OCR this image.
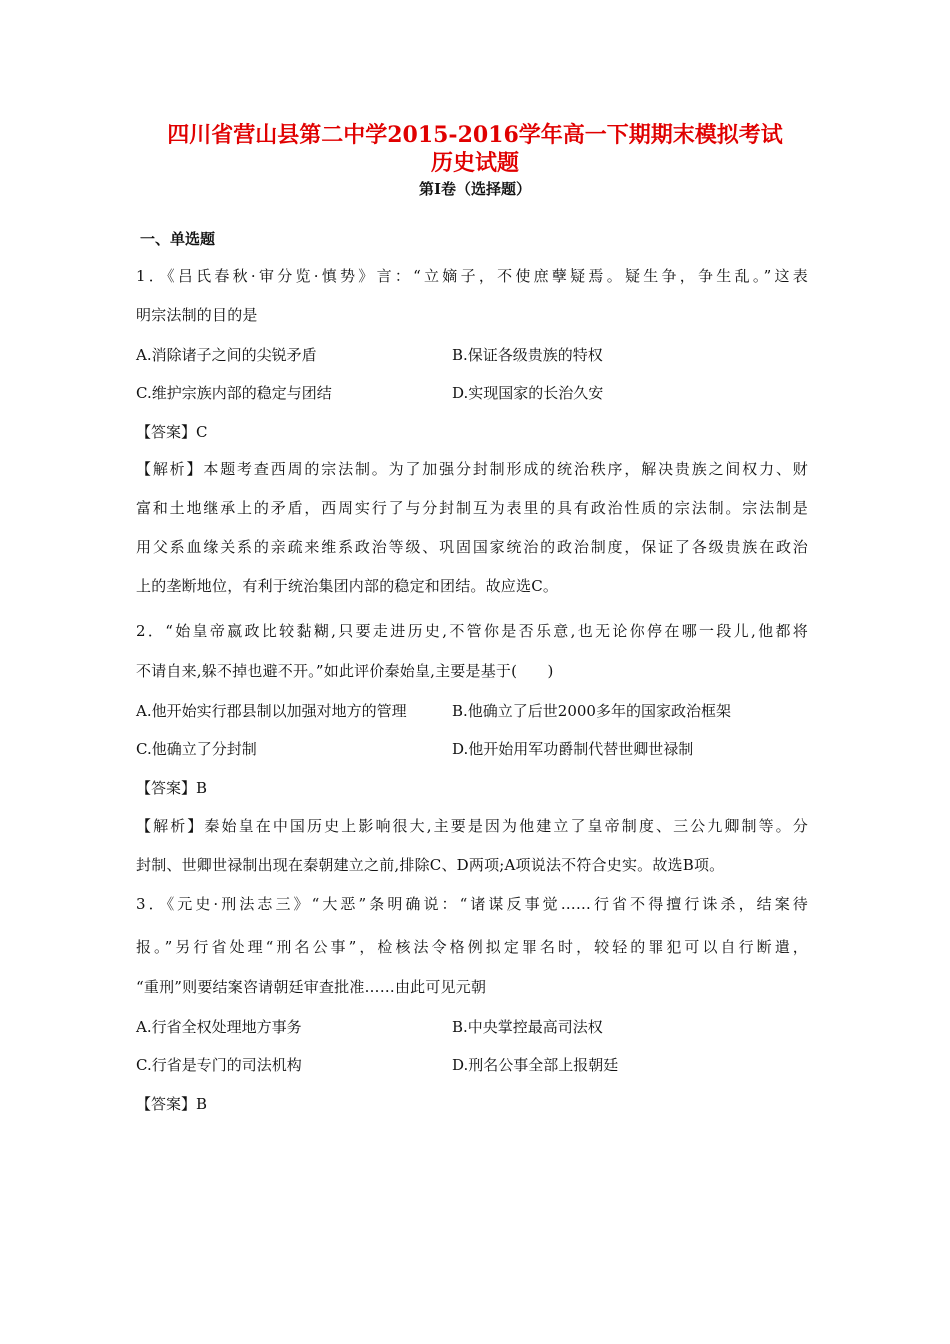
四川省营山县第二中学2015-2016学年高一下期期末模拟考试
历史试题
第Ⅰ卷（选择题）
一、单选题
1．《吕氏春秋·审分览·慎势》言：“立嫡子，不使庶孽疑焉。疑生争，争生乱。”这表
明宗法制的目的是
A.消除诸子之间的尖锐矛盾	B.保证各级贵族的特权
C.维护宗族内部的稳定与团结	D.实现国家的长治久安
【答案】C
【解析】本题考查西周的宗法制。为了加强分封制形成的统治秩序，解决贵族之间权力、财
富和土地继承上的矛盾，西周实行了与分封制互为表里的具有政治性质的宗法制。宗法制是
用父系血缘关系的亲疏来维系政治等级、巩固国家统治的政治制度，保证了各级贵族在政治
上的垄断地位，有利于统治集团内部的稳定和团结。故应选C。
2．“始皇帝嬴政比较黏糊,只要走进历史,不管你是否乐意,也无论你停在哪一段儿,他都将
不请自来,躲不掉也避不开。”如此评价秦始皇,主要是基于(　　)
A.他开始实行郡县制以加强对地方的管理	B.他确立了后世2000多年的国家政治框架
C.他确立了分封制	D.他开始用军功爵制代替世卿世禄制
【答案】B
【解析】秦始皇在中国历史上影响很大,主要是因为他建立了皇帝制度、三公九卿制等。分
封制、世卿世禄制出现在秦朝建立之前,排除C、D两项;A项说法不符合史实。故选B项。
3．《元史·刑法志三》“大恶”条明确说：“诸谋反事觉……行省不得擅行诛杀，结案待
报。”另行省处理“刑名公事”，检核法令格例拟定罪名时，较轻的罪犯可以自行断遣，
“重刑”则要结案咨请朝廷审查批准……由此可见元朝
A.行省全权处理地方事务	B.中央掌控最高司法权
C.行省是专门的司法机构	D.刑名公事全部上报朝廷
【答案】B
